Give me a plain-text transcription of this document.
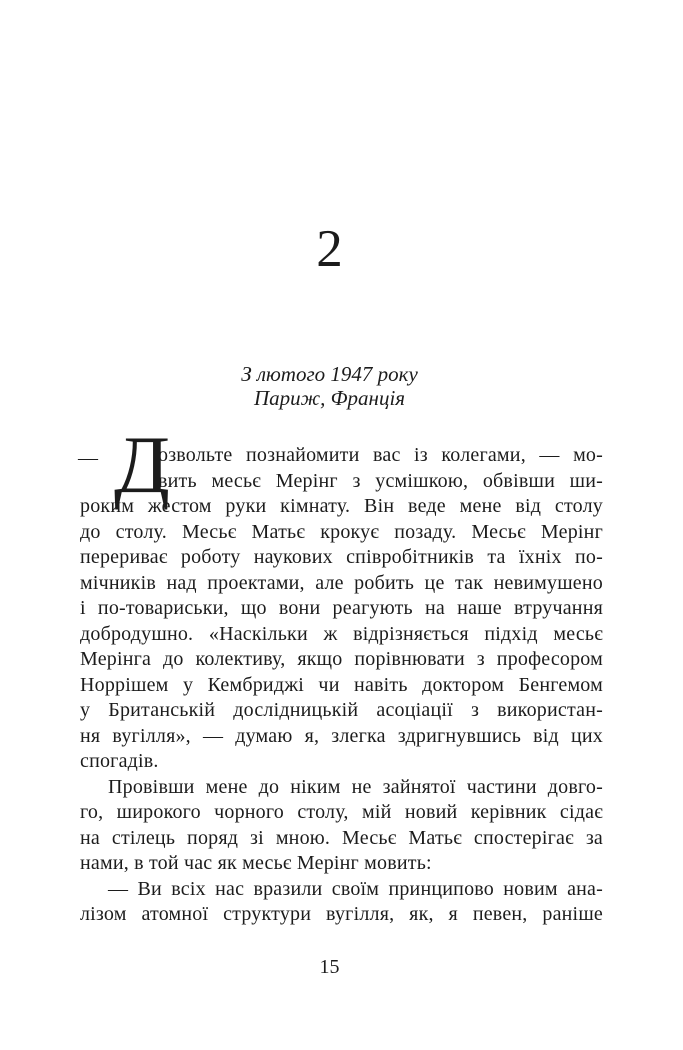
2
З лютого 1947 року
Париж, Франція
— Д
озвольте познайомити вас із колегами, — мо-
вить месьє Мерінг з усмішкою, обвівши ши-
роким жестом руки кімнату. Він веде мене від столу
до столу. Месьє Матьє крокує позаду. Месьє Мерінг
перериває роботу наукових співробітників та їхніх по-
мічників над проектами, але робить це так невимушено
і по-товариськи, що вони реагують на наше втручання
добродушно. «Наскільки ж відрізняється підхід месьє
Мерінга до колективу, якщо порівнювати з професором
Норрішем у Кембриджі чи навіть доктором Бенгемом
у Британській дослідницькій асоціації з використан-
ня вугілля», — думаю я, злегка здригнувшись від цих
спогадів.
Провівши мене до ніким не зайнятої частини довго-
го, широкого чорного столу, мій новий керівник сідає
на стілець поряд зі мною. Месьє Матьє спостерігає за
нами, в той час як месьє Мерінг мовить:
— Ви всіх нас вразили своїм принципово новим ана-
лізом атомної структури вугілля, як, я певен, раніше
15
